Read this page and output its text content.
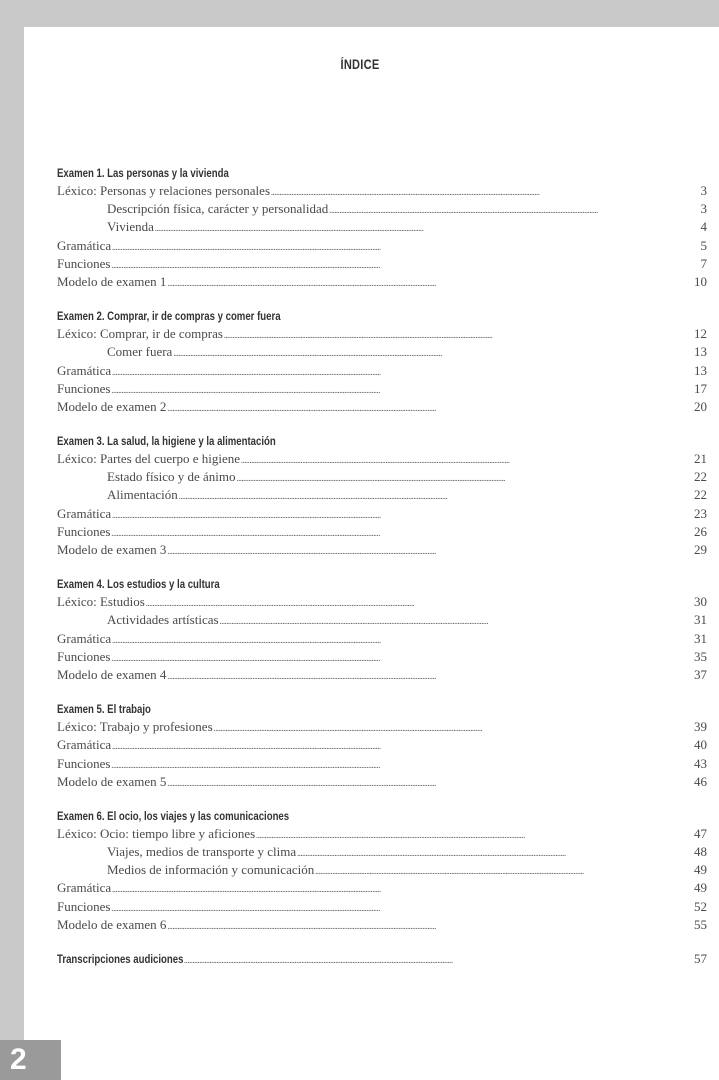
ÍNDICE
Examen 1. Las personas y la vivienda
Léxico: Personas y relaciones personales . . .	3
Descripción física, carácter y personalidad . . .	3
Vivienda . . .	4
Gramática . . .	5
Funciones . . .	7
Modelo de examen 1 . . .	10
Examen 2. Comprar, ir de compras y comer fuera
Léxico: Comprar, ir de compras . . .	12
Comer fuera . . .	13
Gramática . . .	13
Funciones . . .	17
Modelo de examen 2 . . .	20
Examen 3. La salud, la higiene y la alimentación
Léxico: Partes del cuerpo e higiene . . .	21
Estado físico y de ánimo . . .	22
Alimentación . . .	22
Gramática . . .	23
Funciones . . .	26
Modelo de examen 3 . . .	29
Examen 4. Los estudios y la cultura
Léxico: Estudios . . .	30
Actividades artísticas . . .	31
Gramática . . .	31
Funciones . . .	35
Modelo de examen 4 . . .	37
Examen 5. El trabajo
Léxico: Trabajo y profesiones . . .	39
Gramática . . .	40
Funciones . . .	43
Modelo de examen 5 . . .	46
Examen 6. El ocio, los viajes y las comunicaciones
Léxico: Ocio: tiempo libre y aficiones . . .	47
Viajes, medios de transporte y clima . . .	48
Medios de información y comunicación . . .	49
Gramática . . .	49
Funciones . . .	52
Modelo de examen 6 . . .	55
Transcripciones audiciones . . .	57
2
